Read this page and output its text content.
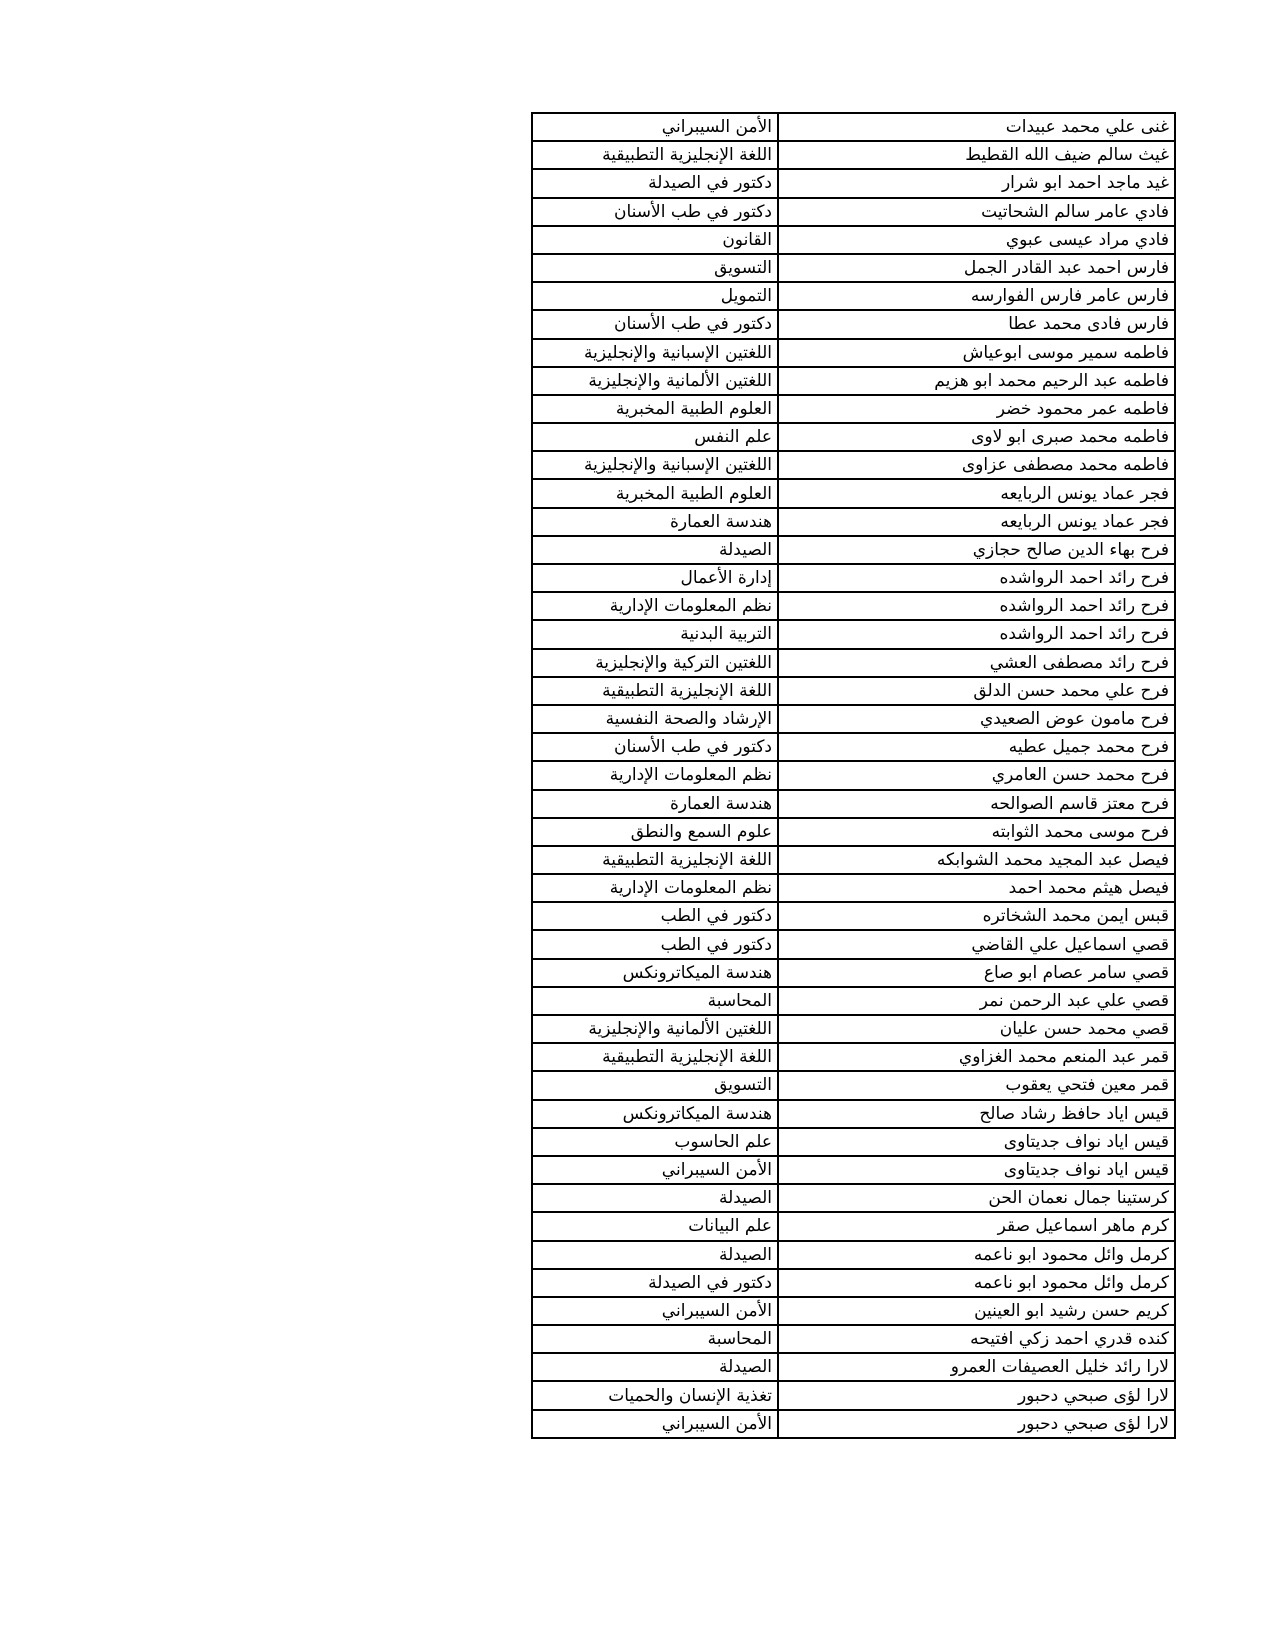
غنى علي محمد عبيدات	الأمن السيبراني
غيث سالم ضيف الله القطيط	اللغة الإنجليزية التطبيقية
غيد ماجد احمد ابو شرار	دكتور في الصيدلة
فادي عامر سالم الشحاتيت	دكتور في طب الأسنان
فادي مراد عيسى عبوي	القانون
فارس احمد عبد القادر الجمل	التسويق
فارس عامر فارس الفوارسه	التمويل
فارس فادى محمد عطا	دكتور في طب الأسنان
فاطمه سمير موسى ابوعياش	اللغتين الإسبانية والإنجليزية
فاطمه عبد الرحيم محمد ابو هزيم	اللغتين الألمانية والإنجليزية
فاطمه عمر محمود خضر	العلوم الطبية المخبرية
فاطمه محمد صبرى ابو لاوى	علم النفس
فاطمه محمد مصطفى عزاوى	اللغتين الإسبانية والإنجليزية
فجر عماد يونس الربايعه	العلوم الطبية المخبرية
فجر عماد يونس الربايعه	هندسة العمارة
فرح بهاء الدين صالح حجازي	الصيدلة
فرح رائد احمد الرواشده	إدارة الأعمال
فرح رائد احمد الرواشده	نظم المعلومات الإدارية
فرح رائد احمد الرواشده	التربية البدنية
فرح رائد مصطفى العشي	اللغتين التركية والإنجليزية
فرح علي محمد حسن الدلق	اللغة الإنجليزية التطبيقية
فرح مامون عوض الصعيدي	الإرشاد والصحة النفسية
فرح محمد جميل عطيه	دكتور في طب الأسنان
فرح محمد حسن العامري	نظم المعلومات الإدارية
فرح معتز قاسم الصوالحه	هندسة العمارة
فرح موسى محمد الثوابته	علوم السمع والنطق
فيصل عبد المجيد محمد الشوابكه	اللغة الإنجليزية التطبيقية
فيصل هيثم محمد احمد	نظم المعلومات الإدارية
قبس ايمن محمد الشخاتره	دكتور في الطب
قصي اسماعيل علي القاضي	دكتور في الطب
قصي سامر عصام ابو صاع	هندسة الميكاترونكس
قصي علي عبد الرحمن نمر	المحاسبة
قصي محمد حسن عليان	اللغتين الألمانية والإنجليزية
قمر عبد المنعم محمد الغزاوي	اللغة الإنجليزية التطبيقية
قمر معين فتحي يعقوب	التسويق
قيس اياد حافظ رشاد صالح	هندسة الميكاترونكس
قيس اياد نواف جديتاوى	علم الحاسوب
قيس اياد نواف جديتاوى	الأمن السيبراني
كرستينا جمال نعمان الحن	الصيدلة
كرم ماهر اسماعيل صقر	علم البيانات
كرمل وائل محمود ابو ناعمه	الصيدلة
كرمل وائل محمود ابو ناعمه	دكتور في الصيدلة
كريم حسن رشيد ابو العينين	الأمن السيبراني
كنده قدري احمد زكي افتيحه	المحاسبة
لارا رائد خليل العصيفات العمرو	الصيدلة
لارا لؤى صبحي دحبور	تغذية الإنسان والحميات
لارا لؤى صبحي دحبور	الأمن السيبراني
